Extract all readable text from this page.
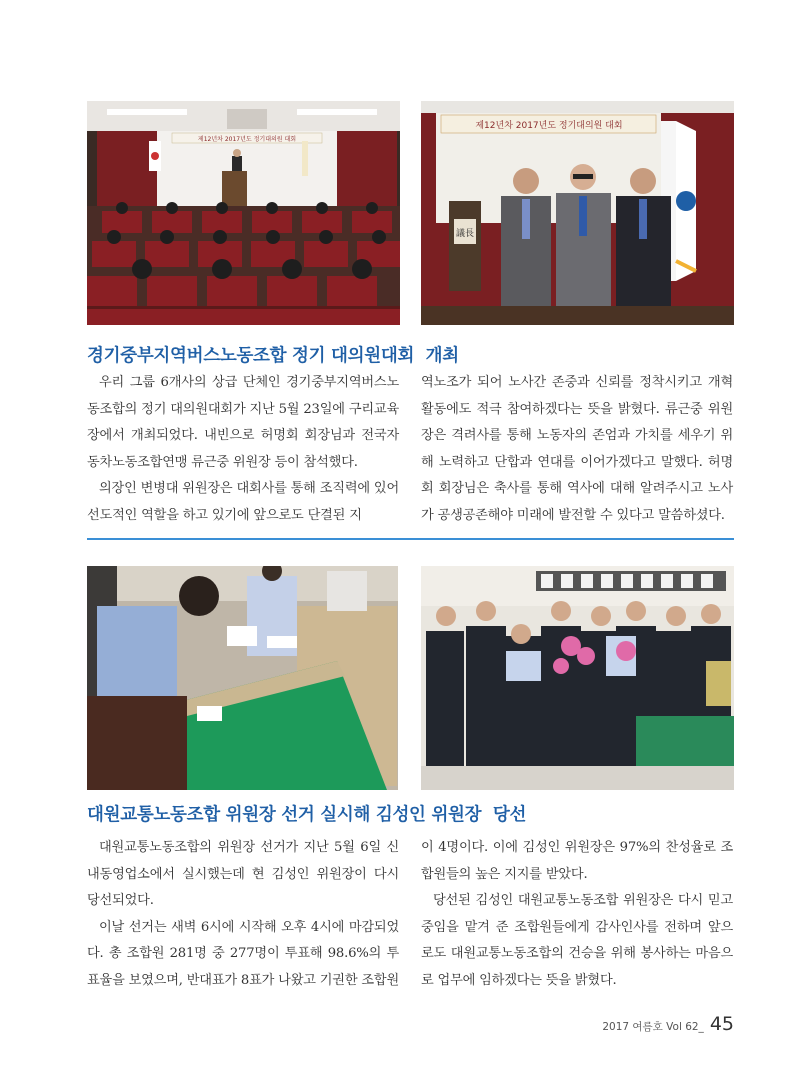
제12년차 2017년도 정기대의원 대회
제12년차 2017년도 정기대의원 대회
議長
경기중부지역버스노동조합 정기 대의원대회  개최

우리 그룹 6개사의 상급 단체인 경기중부지역버스노동조합의 정기 대의원대회가 지난 5월 23일에 구리교육장에서 개최되었다. 내빈으로 허명회 회장님과 전국자동차노동조합연맹 류근중 위원장 등이 참석했다.

의장인 변병대 위원장은 대회사를 통해 조직력에 있어 선도적인 역할을 하고 있기에 앞으로도 단결된 지

역노조가 되어 노사간 존중과 신뢰를 정착시키고 개혁활동에도 적극 참여하겠다는 뜻을 밝혔다. 류근중 위원장은 격려사를 통해 노동자의 존엄과 가치를 세우기 위해 노력하고 단합과 연대를 이어가겠다고 말했다. 허명회 회장님은 축사를 통해 역사에 대해 알려주시고 노사가 공생공존해야 미래에 발전할 수 있다고 말씀하셨다.

대원교통노동조합 위원장 선거 실시해 김성인 위원장  당선

대원교통노동조합의 위원장 선거가 지난 5월 6일 신내동영업소에서 실시했는데 현 김성인 위원장이 다시 당선되었다.

이날 선거는 새벽 6시에 시작해 오후 4시에 마감되었다. 총 조합원 281명 중 277명이 투표해 98.6%의 투표율을 보였으며, 반대표가 8표가 나왔고 기권한 조합원

이 4명이다. 이에 김성인 위원장은 97%의 찬성율로 조합원들의 높은 지지를 받았다.

당선된 김성인 대원교통노동조합 위원장은 다시 믿고 중임을 맡겨 준 조합원들에게 감사인사를 전하며 앞으로도 대원교통노동조합의 건승을 위해 봉사하는 마음으로 업무에 임하겠다는 뜻을 밝혔다.

2017 여름호 Vol 62_ 45
